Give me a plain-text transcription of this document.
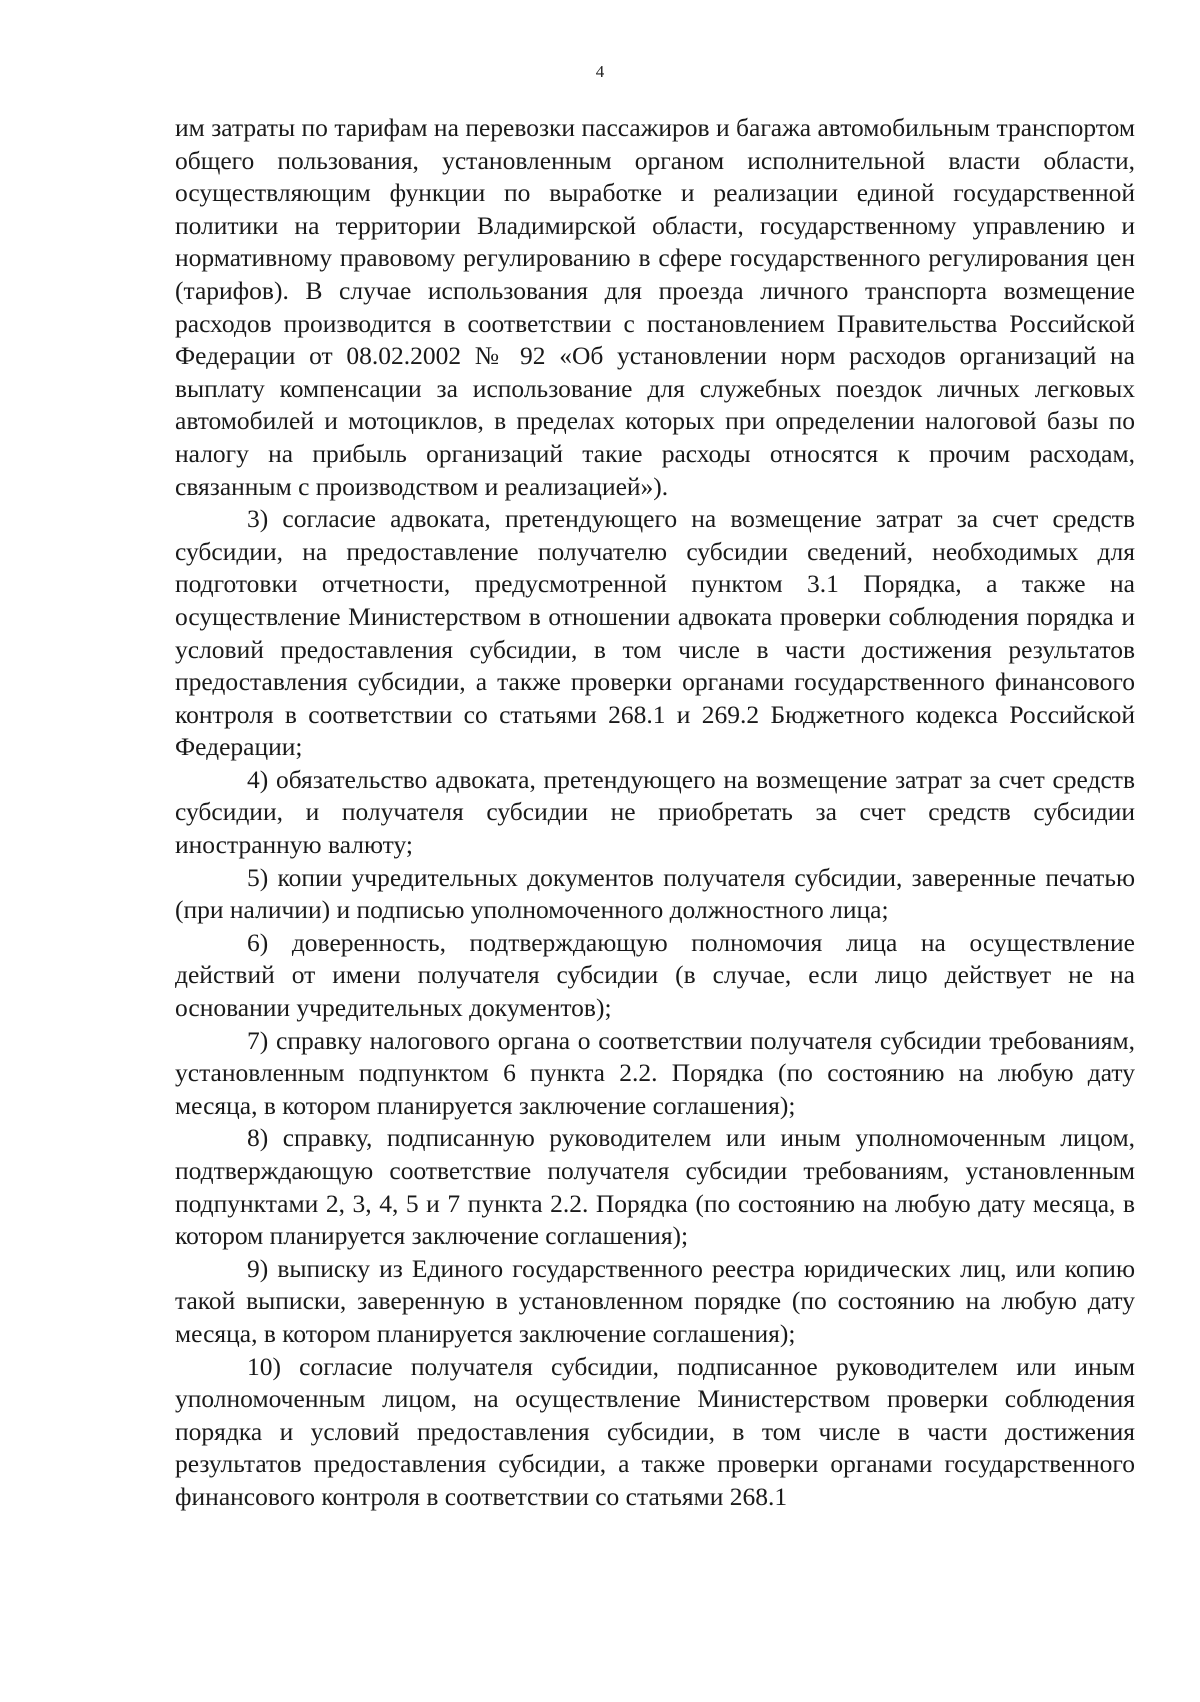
4

им затраты по тарифам на перевозки пассажиров и багажа автомобильным транспортом общего пользования, установленным органом исполнительной власти области, осуществляющим функции по выработке и реализации единой государственной политики на территории Владимирской области, государственному управлению и нормативному правовому регулированию в сфере государственного регулирования цен (тарифов). В случае использования для проезда личного транспорта возмещение расходов производится в соответствии с постановлением Правительства Российской Федерации от 08.02.2002 № 92 «Об установлении норм расходов организаций на выплату компенсации за использование для служебных поездок личных легковых автомобилей и мотоциклов, в пределах которых при определении налоговой базы по налогу на прибыль организаций такие расходы относятся к прочим расходам, связанным с производством и реализацией»).

3) согласие адвоката, претендующего на возмещение затрат за счет средств субсидии, на предоставление получателю субсидии сведений, необходимых для подготовки отчетности, предусмотренной пунктом 3.1 Порядка, а также на осуществление Министерством в отношении адвоката проверки соблюдения порядка и условий предоставления субсидии, в том числе в части достижения результатов предоставления субсидии, а также проверки органами государственного финансового контроля в соответствии со статьями 268.1 и 269.2 Бюджетного кодекса Российской Федерации;

4) обязательство адвоката, претендующего на возмещение затрат за счет средств субсидии, и получателя субсидии не приобретать за счет средств субсидии иностранную валюту;

5) копии учредительных документов получателя субсидии, заверенные печатью (при наличии) и подписью уполномоченного должностного лица;

6) доверенность, подтверждающую полномочия лица на осуществление действий от имени получателя субсидии (в случае, если лицо действует не на основании учредительных документов);

7) справку налогового органа о соответствии получателя субсидии требованиям, установленным подпунктом 6 пункта 2.2. Порядка (по состоянию на любую дату месяца, в котором планируется заключение соглашения);

8) справку, подписанную руководителем или иным уполномоченным лицом, подтверждающую соответствие получателя субсидии требованиям, установленным подпунктами 2, 3, 4, 5 и 7 пункта 2.2. Порядка (по состоянию на любую дату месяца, в котором планируется заключение соглашения);

9) выписку из Единого государственного реестра юридических лиц, или копию такой выписки, заверенную в установленном порядке (по состоянию на любую дату месяца, в котором планируется заключение соглашения);

10) согласие получателя субсидии, подписанное руководителем или иным уполномоченным лицом, на осуществление Министерством проверки соблюдения порядка и условий предоставления субсидии, в том числе в части достижения результатов предоставления субсидии, а также проверки органами государственного финансового контроля в соответствии со статьями 268.1
